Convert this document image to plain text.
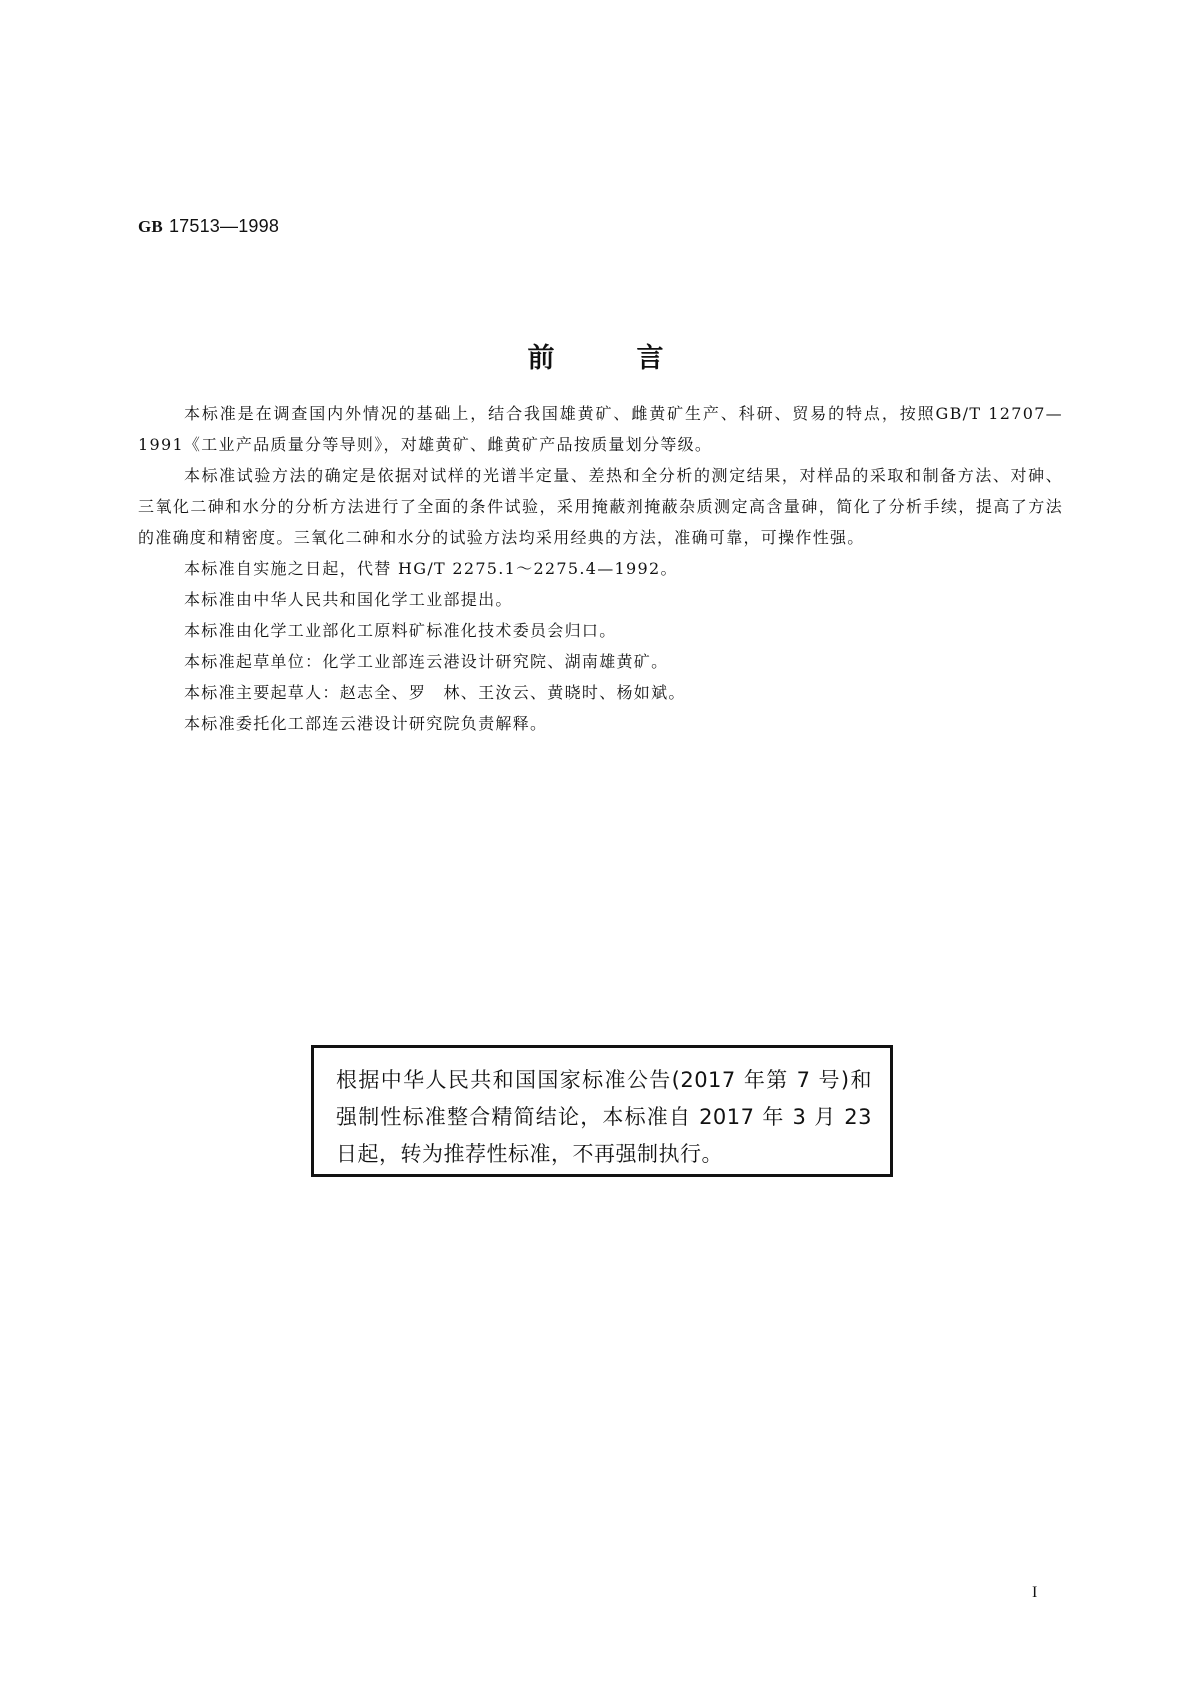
GB 17513—1998
前	言

本标准是在调查国内外情况的基础上，结合我国雄黄矿、雌黄矿生产、科研、贸易的特点，按照GB/T 12707—1991《工业产品质量分等导则》，对雄黄矿、雌黄矿产品按质量划分等级。

本标准试验方法的确定是依据对试样的光谱半定量、差热和全分析的测定结果，对样品的采取和制备方法、对砷、三氧化二砷和水分的分析方法进行了全面的条件试验，采用掩蔽剂掩蔽杂质测定高含量砷，简化了分析手续，提高了方法的准确度和精密度。三氧化二砷和水分的试验方法均采用经典的方法，准确可靠，可操作性强。

本标准自实施之日起，代替 HG/T 2275.1～2275.4—1992。

本标准由中华人民共和国化学工业部提出。

本标准由化学工业部化工原料矿标准化技术委员会归口。

本标准起草单位：化学工业部连云港设计研究院、湖南雄黄矿。

本标准主要起草人：赵志全、罗　林、王汝云、黄晓时、杨如斌。

本标准委托化工部连云港设计研究院负责解释。

根据中华人民共和国国家标准公告(2017 年第 7 号)和强制性标准整合精简结论，本标准自 2017 年 3 月 23 日起，转为推荐性标准，不再强制执行。

I
